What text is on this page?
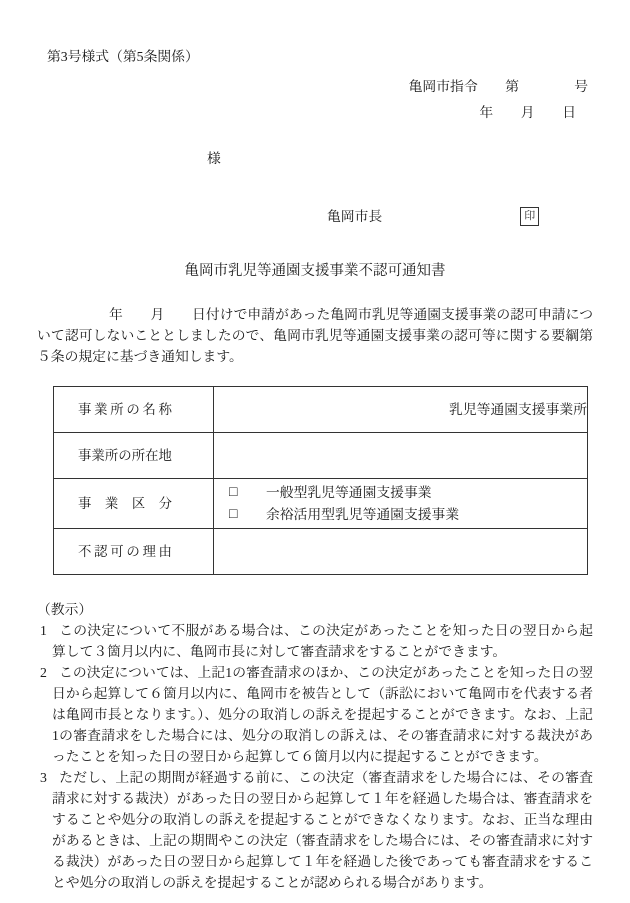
第3号様式（第5条関係）
亀岡市指令　　第　　　　号
年　　月　　日
様
亀岡市長	印
亀岡市乳児等通園支援事業不認可通知書

年　　月　　日付けで申請があった亀岡市乳児等通園支援事業の認可申請について認可しないこととしましたので、亀岡市乳児等通園支援事業の認可等に関する要綱第５条の規定に基づき通知します。

事 業 所 の 名 称	乳児等通園支援事業所

事 業 所 の 所 在 地

事 業 区 分

□	一般型乳児等通園支援事業
□	余裕活用型乳児等通園支援事業

不 認 可 の 理 由

（教示）
1 この決定について不服がある場合は、この決定があったことを知った日の翌日から起算して３箇月以内に、亀岡市長に対して審査請求をすることができます。
2 この決定については、上記1の審査請求のほか、この決定があったことを知った日の翌日から起算して６箇月以内に、亀岡市を被告として（訴訟において亀岡市を代表する者は亀岡市長となります。）、処分の取消しの訴えを提起することができます。なお、上記1の審査請求をした場合には、処分の取消しの訴えは、その審査請求に対する裁決があったことを知った日の翌日から起算して６箇月以内に提起することができます。
3 ただし、上記の期間が経過する前に、この決定（審査請求をした場合には、その審査請求に対する裁決）があった日の翌日から起算して１年を経過した場合は、審査請求をすることや処分の取消しの訴えを提起することができなくなります。なお、正当な理由があるときは、上記の期間やこの決定（審査請求をした場合には、その審査請求に対する裁決）があった日の翌日から起算して１年を経過した後であっても審査請求をすることや処分の取消しの訴えを提起することが認められる場合があります。
